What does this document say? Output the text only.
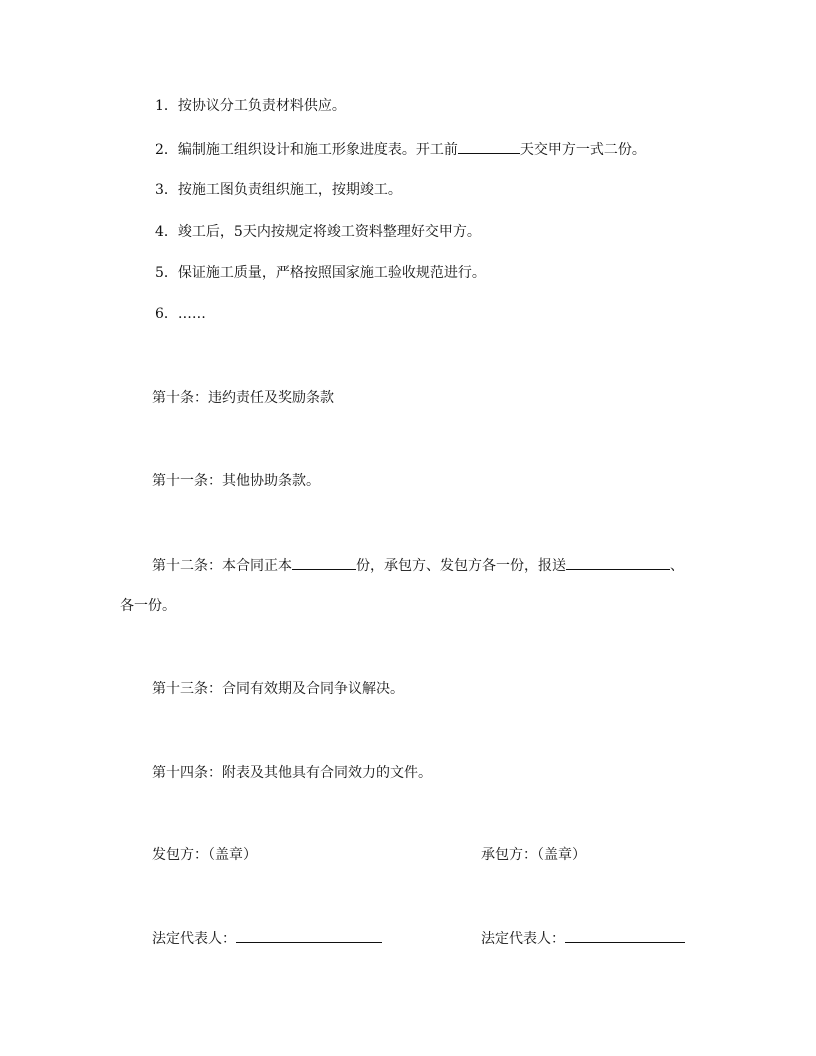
1．按协议分工负责材料供应。
2．编制施工组织设计和施工形象进度表。开工前	天交甲方一式二份。
3．按施工图负责组织施工，按期竣工。
4．竣工后，5天内按规定将竣工资料整理好交甲方。
5．保证施工质量，严格按照国家施工验收规范进行。
6．……
第十条：违约责任及奖励条款
第十一条：其他协助条款。
第十二条：本合同正本	份，承包方、发包方各一份，报送	、
各一份。
第十三条：合同有效期及合同争议解决。
第十四条：附表及其他具有合同效力的文件。
发包方：（盖章）	承包方：（盖章）
法定代表人：	法定代表人：
